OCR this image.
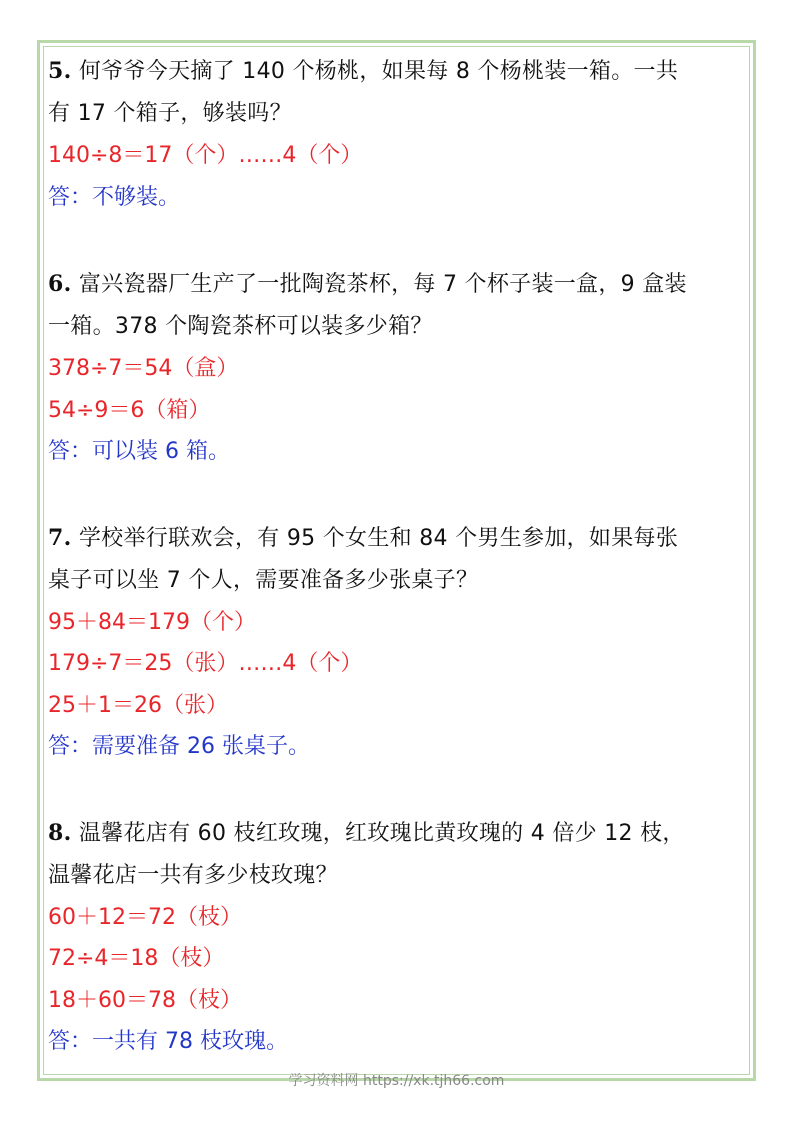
5. 何爷爷今天摘了 140 个杨桃，如果每 8 个杨桃装一箱。一共

有 17 个箱子，够装吗？

140÷8＝17（个）……4（个）

答：不够装。

6. 富兴瓷器厂生产了一批陶瓷茶杯，每 7 个杯子装一盒，9 盒装

一箱。378 个陶瓷茶杯可以装多少箱？

378÷7＝54（盒）

54÷9＝6（箱）

答：可以装 6 箱。

7. 学校举行联欢会，有 95 个女生和 84 个男生参加，如果每张

桌子可以坐 7 个人，需要准备多少张桌子？

95＋84＝179（个）

179÷7＝25（张）……4（个）

25＋1＝26（张）

答：需要准备 26 张桌子。

8. 温馨花店有 60 枝红玫瑰，红玫瑰比黄玫瑰的 4 倍少 12 枝，

温馨花店一共有多少枝玫瑰？

60＋12＝72（枝）

72÷4＝18（枝）

18＋60＝78（枝）

答：一共有 78 枝玫瑰。

学习资料网 https://xk.tjh66.com
